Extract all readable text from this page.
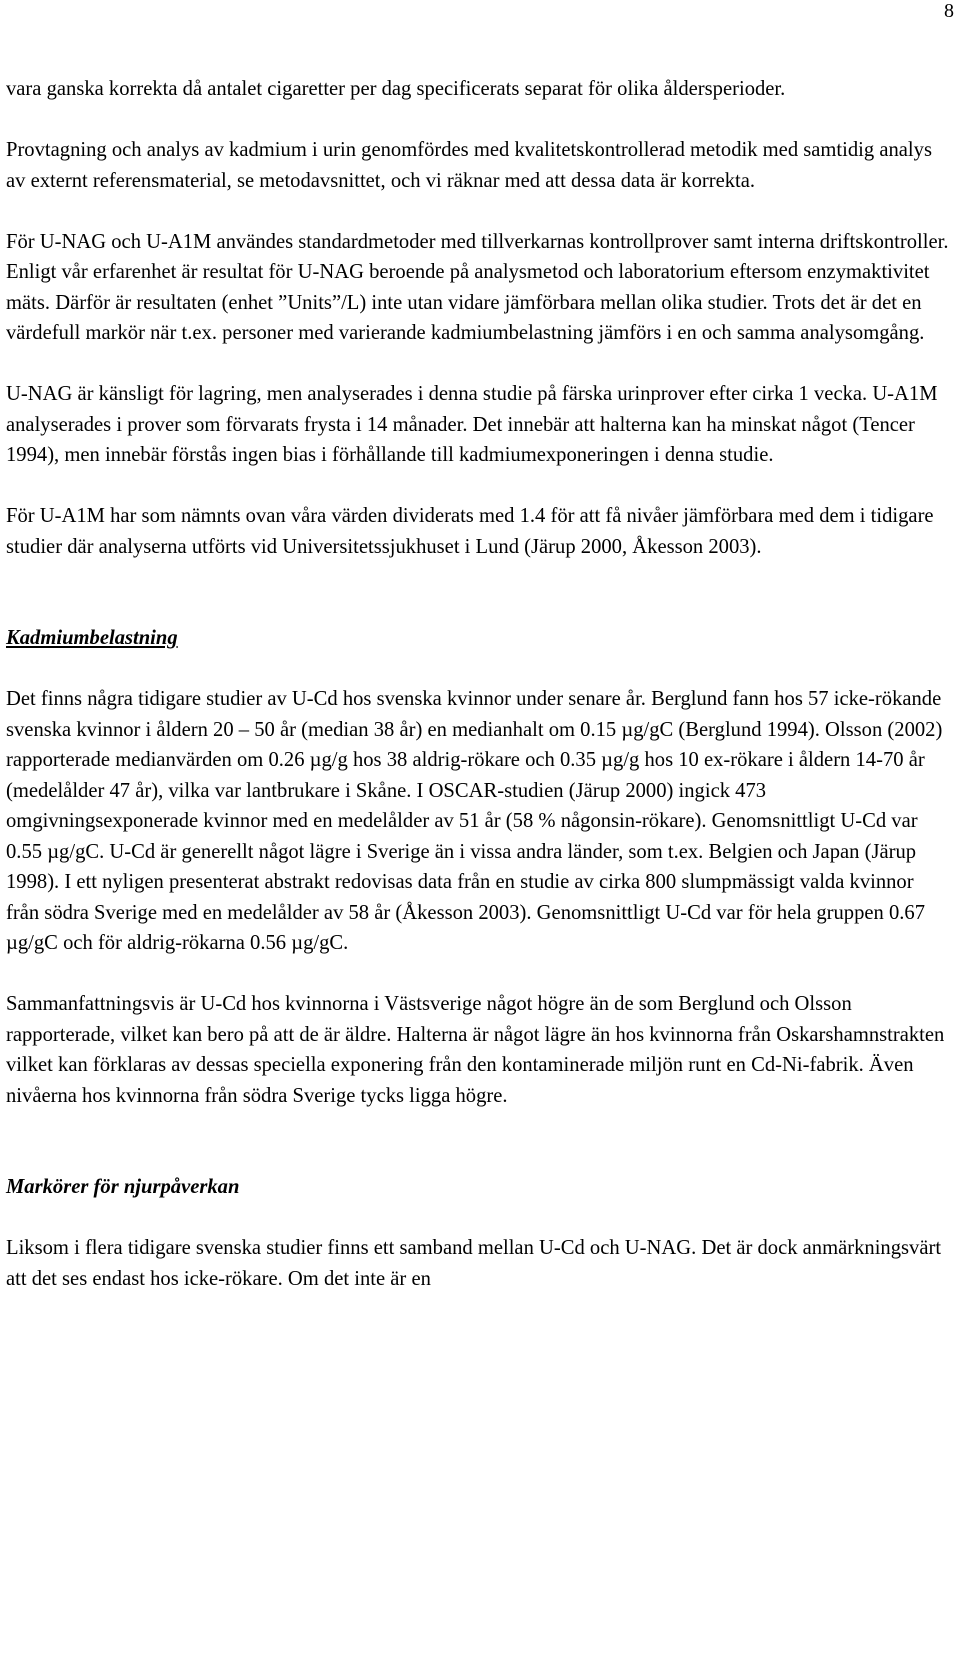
8

vara ganska korrekta då antalet cigaretter per dag specificerats separat för olika åldersperioder.

Provtagning och analys av kadmium i urin genomfördes med kvalitetskontrollerad metodik med samtidig analys av externt referensmaterial, se metodavsnittet, och vi räknar med att dessa data är korrekta.

För U-NAG och U-A1M användes standardmetoder med tillverkarnas kontrollprover samt interna driftskontroller. Enligt vår erfarenhet är resultat för U-NAG beroende på analysmetod och laboratorium eftersom enzymaktivitet mäts. Därför är resultaten (enhet ”Units”/L) inte utan vidare jämförbara mellan olika studier. Trots det är det en värdefull markör när t.ex. personer med varierande kadmiumbelastning jämförs i en och samma analysomgång.

U-NAG är känsligt för lagring, men analyserades i denna studie på färska urinprover efter cirka 1 vecka. U-A1M analyserades i prover som förvarats frysta i 14 månader. Det innebär att halterna kan ha minskat något (Tencer 1994), men innebär förstås ingen bias i förhållande till kadmiumexponeringen i denna studie.

För U-A1M har som nämnts ovan våra värden dividerats med 1.4 för att få nivåer jämförbara med dem i tidigare studier där analyserna utförts vid Universitetssjukhuset i Lund (Järup 2000, Åkesson 2003).

Kadmiumbelastning

Det finns några tidigare studier av U-Cd hos svenska kvinnor under senare år. Berglund fann hos 57 icke-rökande svenska kvinnor i åldern 20 – 50 år (median 38 år) en medianhalt om 0.15 µg/gC (Berglund 1994). Olsson (2002) rapporterade medianvärden om 0.26 µg/g hos 38 aldrig-rökare och 0.35 µg/g hos 10 ex-rökare i åldern 14-70 år (medelålder 47 år), vilka var lantbrukare i Skåne. I OSCAR-studien (Järup 2000) ingick 473 omgivningsexponerade kvinnor med en medelålder av 51 år (58 % någonsin-rökare). Genomsnittligt U-Cd var 0.55 µg/gC. U-Cd är generellt något lägre i Sverige än i vissa andra länder, som t.ex. Belgien och Japan (Järup 1998). I ett nyligen presenterat abstrakt redovisas data från en studie av cirka 800 slumpmässigt valda kvinnor från södra Sverige med en medelålder av 58 år (Åkesson 2003). Genomsnittligt U-Cd var för hela gruppen 0.67 µg/gC och för aldrig-rökarna 0.56 µg/gC.

Sammanfattningsvis är U-Cd hos kvinnorna i Västsverige något högre än de som Berglund och Olsson rapporterade, vilket kan bero på att de är äldre. Halterna är något lägre än hos kvinnorna från Oskarshamnstrakten vilket kan förklaras av dessas speciella exponering från den kontaminerade miljön runt en Cd-Ni-fabrik. Även nivåerna hos kvinnorna från södra Sverige tycks ligga högre.

Markörer för njurpåverkan

Liksom i flera tidigare svenska studier finns ett samband mellan U-Cd och U-NAG. Det är dock anmärkningsvärt att det ses endast hos icke-rökare. Om det inte är en
